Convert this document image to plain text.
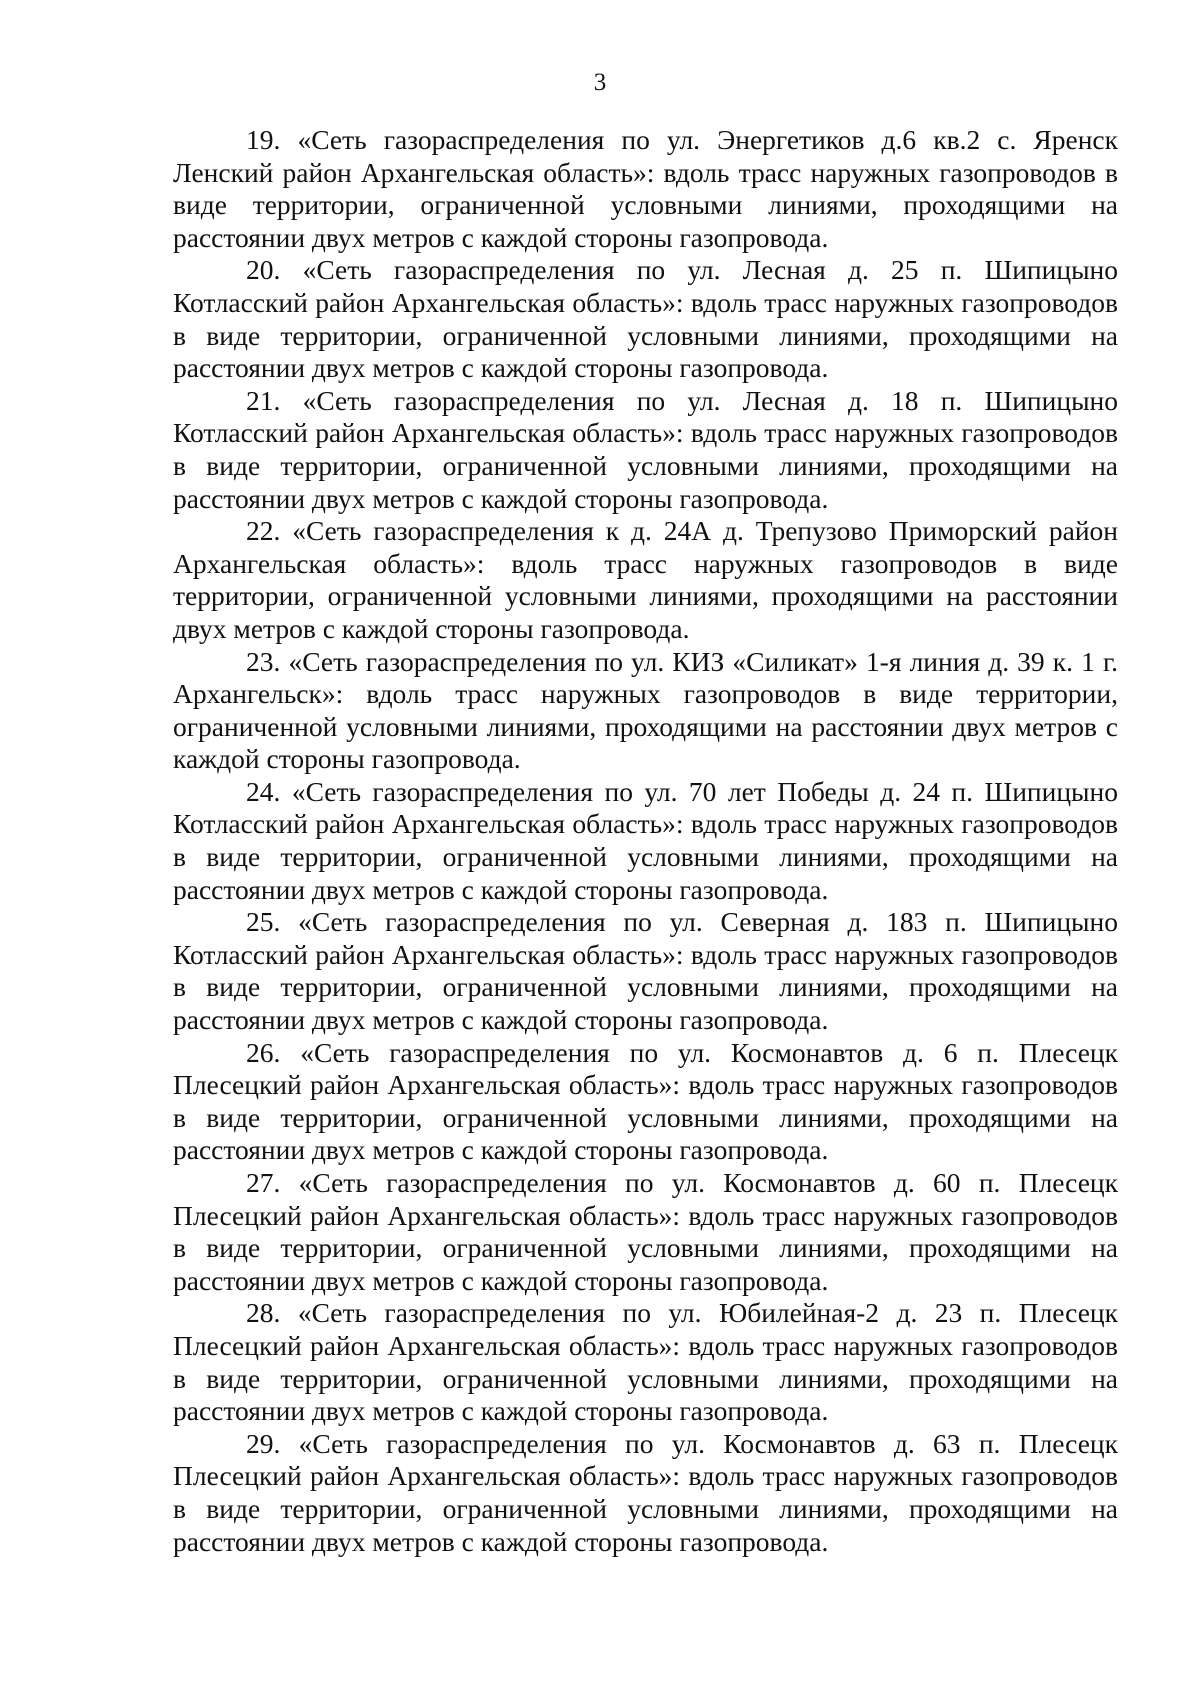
3

19. «Сеть газораспределения по ул. Энергетиков д.6 кв.2 с. Яренск Ленский район Архангельская область»: вдоль трасс наружных газопроводов в виде территории, ограниченной условными линиями, проходящими на расстоянии двух метров с каждой стороны газопровода.

20. «Сеть газораспределения по ул. Лесная д. 25 п. Шипицыно Котласский район Архангельская область»: вдоль трасс наружных газопроводов в виде территории, ограниченной условными линиями, проходящими на расстоянии двух метров с каждой стороны газопровода.

21. «Сеть газораспределения по ул. Лесная д. 18 п. Шипицыно Котласский район Архангельская область»: вдоль трасс наружных газопроводов в виде территории, ограниченной условными линиями, проходящими на расстоянии двух метров с каждой стороны газопровода.

22. «Сеть газораспределения к д. 24А д. Трепузово Приморский район Архангельская область»: вдоль трасс наружных газопроводов в виде территории, ограниченной условными линиями, проходящими на расстоянии двух метров с каждой стороны газопровода.

23. «Сеть газораспределения по ул. КИЗ «Силикат» 1-я линия д. 39 к. 1 г. Архангельск»: вдоль трасс наружных газопроводов в виде территории, ограниченной условными линиями, проходящими на расстоянии двух метров с каждой стороны газопровода.

24. «Сеть газораспределения по ул. 70 лет Победы д. 24 п. Шипицыно Котласский район Архангельская область»: вдоль трасс наружных газопроводов в виде территории, ограниченной условными линиями, проходящими на расстоянии двух метров с каждой стороны газопровода.

25. «Сеть газораспределения по ул. Северная д. 183 п. Шипицыно Котласский район Архангельская область»: вдоль трасс наружных газопроводов в виде территории, ограниченной условными линиями, проходящими на расстоянии двух метров с каждой стороны газопровода.

26. «Сеть газораспределения по ул. Космонавтов д. 6 п. Плесецк Плесецкий район Архангельская область»: вдоль трасс наружных газопроводов в виде территории, ограниченной условными линиями, проходящими на расстоянии двух метров с каждой стороны газопровода.

27. «Сеть газораспределения по ул. Космонавтов д. 60 п. Плесецк Плесецкий район Архангельская область»: вдоль трасс наружных газопроводов в виде территории, ограниченной условными линиями, проходящими на расстоянии двух метров с каждой стороны газопровода.

28. «Сеть газораспределения по ул. Юбилейная-2 д. 23 п. Плесецк Плесецкий район Архангельская область»: вдоль трасс наружных газопроводов в виде территории, ограниченной условными линиями, проходящими на расстоянии двух метров с каждой стороны газопровода.

29. «Сеть газораспределения по ул. Космонавтов д. 63 п. Плесецк Плесецкий район Архангельская область»: вдоль трасс наружных газопроводов в виде территории, ограниченной условными линиями, проходящими на расстоянии двух метров с каждой стороны газопровода.
